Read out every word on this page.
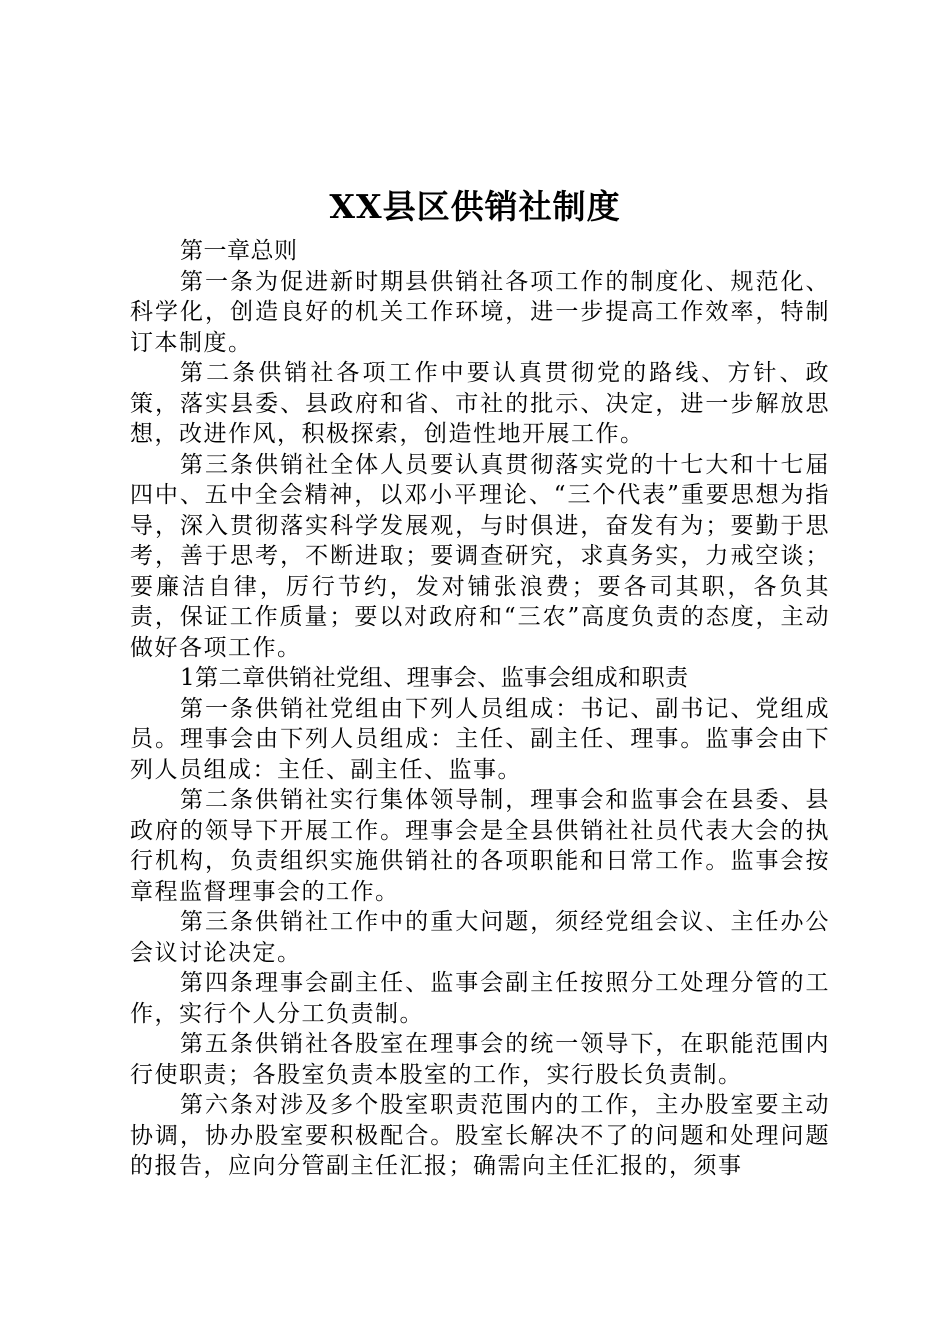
XX县区供销社制度

第一章总则

第一条为促进新时期县供销社各项工作的制度化、规范化、科学化，创造良好的机关工作环境，进一步提高工作效率，特制订本制度。

第二条供销社各项工作中要认真贯彻党的路线、方针、政策，落实县委、县政府和省、市社的批示、决定，进一步解放思想，改进作风，积极探索，创造性地开展工作。

第三条供销社全体人员要认真贯彻落实党的十七大和十七届四中、五中全会精神，以邓小平理论、“三个代表”重要思想为指导，深入贯彻落实科学发展观，与时俱进，奋发有为；要勤于思考，善于思考，不断进取；要调查研究，求真务实，力戒空谈；要廉洁自律，厉行节约，发对铺张浪费；要各司其职，各负其责，保证工作质量；要以对政府和“三农”高度负责的态度，主动做好各项工作。

1第二章供销社党组、理事会、监事会组成和职责

第一条供销社党组由下列人员组成：书记、副书记、党组成员。理事会由下列人员组成：主任、副主任、理事。监事会由下列人员组成：主任、副主任、监事。

第二条供销社实行集体领导制，理事会和监事会在县委、县政府的领导下开展工作。理事会是全县供销社社员代表大会的执行机构，负责组织实施供销社的各项职能和日常工作。监事会按章程监督理事会的工作。

第三条供销社工作中的重大问题，须经党组会议、主任办公会议讨论决定。

第四条理事会副主任、监事会副主任按照分工处理分管的工作，实行个人分工负责制。

第五条供销社各股室在理事会的统一领导下，在职能范围内行使职责；各股室负责本股室的工作，实行股长负责制。

第六条对涉及多个股室职责范围内的工作，主办股室要主动协调，协办股室要积极配合。股室长解决不了的问题和处理问题的报告，应向分管副主任汇报；确需向主任汇报的，须事
